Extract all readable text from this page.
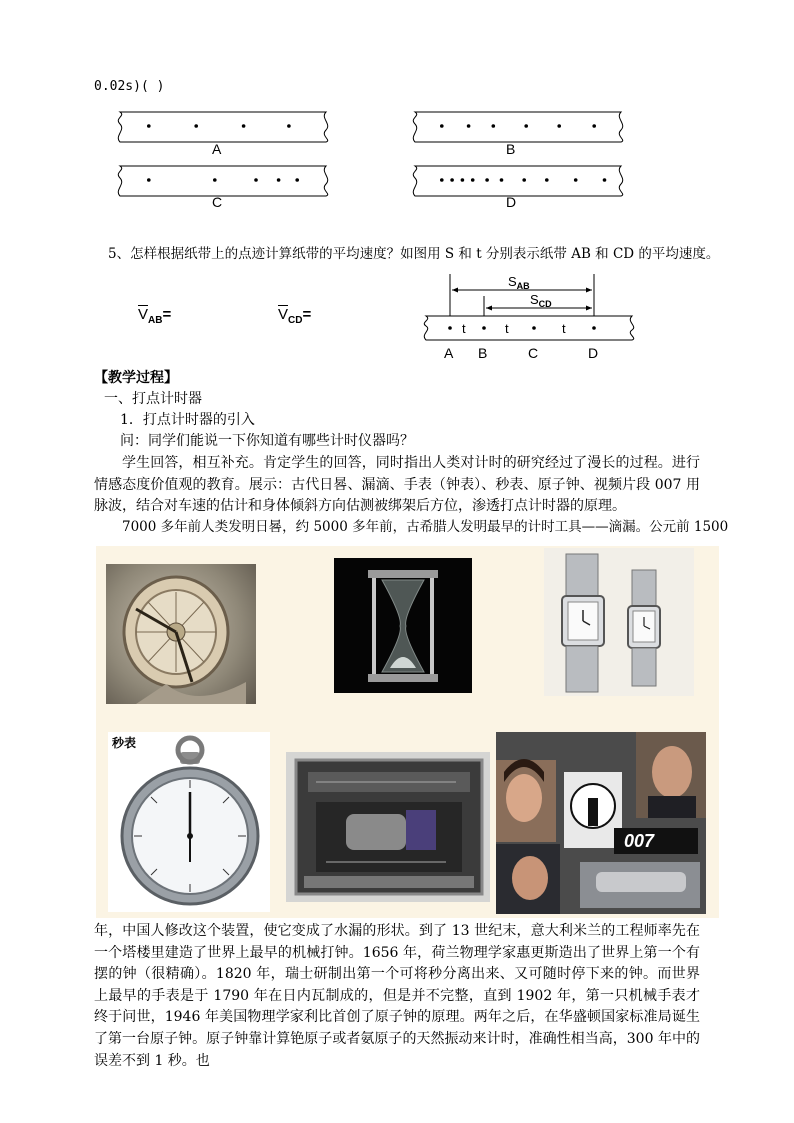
0.02s)( )
A	B
C	D
5、怎样根据纸带上的点迹计算纸带的平均速度？如图用 S 和 t 分别表示纸带 AB 和 CD 的平均速度。
$V_{AB}=$	$V_{CD}=$
$S_{AB}$
$S_{CD}$
t	t	t
A B	C	D
【教学过程】
一、打点计时器
1．打点计时器的引入
问：同学们能说一下你知道有哪些计时仪器吗？
学生回答，相互补充。肯定学生的回答，同时指出人类对计时的研究经过了漫长的过程。进行情感态度价值观的教育。展示：古代日晷、漏滴、手表（钟表）、秒表、原子钟、视频片段 007 用脉波，结合对车速的估计和身体倾斜方向估测被绑架后方位，渗透打点计时器的原理。
7000 多年前人类发明日晷，约 5000 多年前，古希腊人发明最早的计时工具——滴漏。公元前 1500
秒表
007
年，中国人修改这个装置，使它变成了水漏的形状。到了 13 世纪末，意大利米兰的工程师率先在一个塔楼里建造了世界上最早的机械打钟。1656 年，荷兰物理学家惠更斯造出了世界上第一个有摆的钟（很精确）。1820 年，瑞士研制出第一个可将秒分离出来、又可随时停下来的钟。而世界上最早的手表是于 1790 年在日内瓦制成的，但是并不完整，直到 1902 年，第一只机械手表才终于问世，1946 年美国物理学家利比首创了原子钟的原理。两年之后，在华盛顿国家标准局诞生了第一台原子钟。原子钟靠计算铯原子或者氨原子的天然振动来计时，准确性相当高，300 年中的误差不到 1 秒。也
